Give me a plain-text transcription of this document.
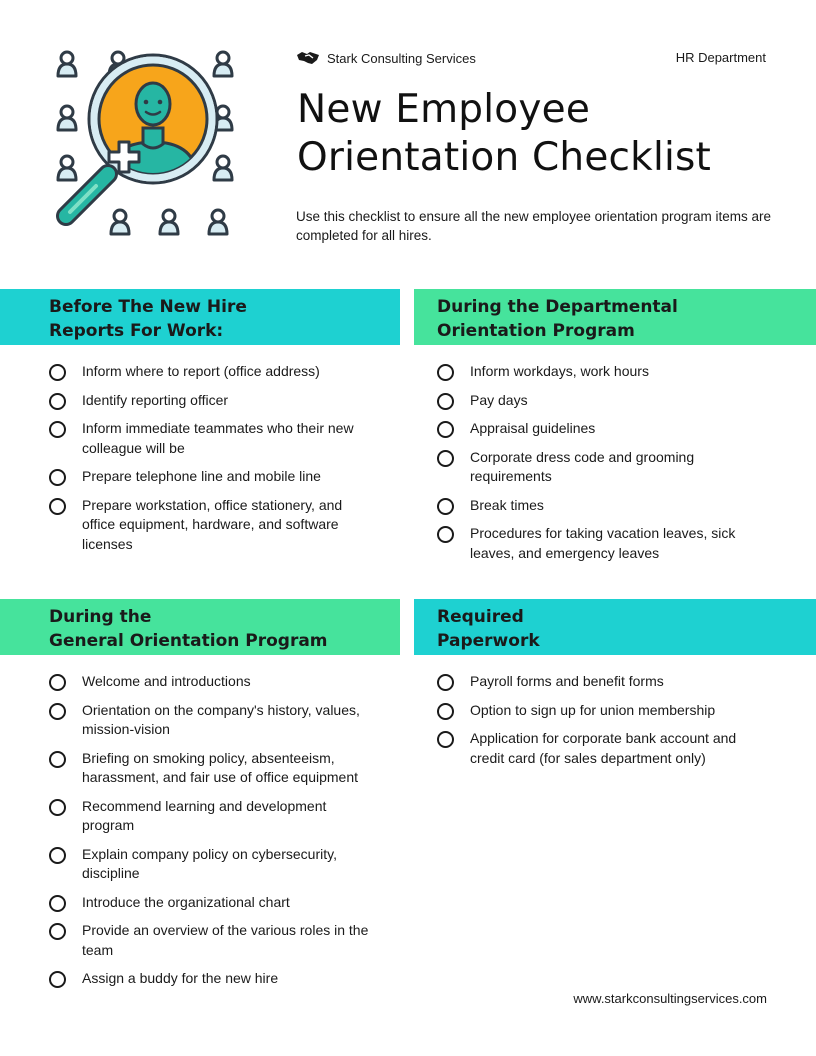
Stark Consulting Services	HR Department
New Employee
Orientation Checklist

Use this checklist to ensure all the new employee orientation program items are completed for all hires.

Before The New Hire
Reports For Work:
Inform where to report (office address)
Identify reporting officer
Inform immediate teammates who their new colleague will be
Prepare telephone line and mobile line
Prepare workstation, office stationery, and office equipment, hardware, and software licenses
During the Departmental
Orientation Program
Inform workdays, work hours
Pay days
Appraisal guidelines
Corporate dress code and grooming requirements
Break times
Procedures for taking vacation leaves, sick leaves, and emergency leaves
During the
General Orientation Program
Welcome and introductions
Orientation on the company's history, values, mission-vision
Briefing on smoking policy, absenteeism, harassment, and fair use of office equipment
Recommend learning and development program
Explain company policy on cybersecurity, discipline
Introduce the organizational chart
Provide an overview of the various roles in the team
Assign a buddy for the new hire
Required
Paperwork
Payroll forms and benefit forms
Option to sign up for union membership
Application for corporate bank account and credit card (for sales department only)
www.starkconsultingservices.com
